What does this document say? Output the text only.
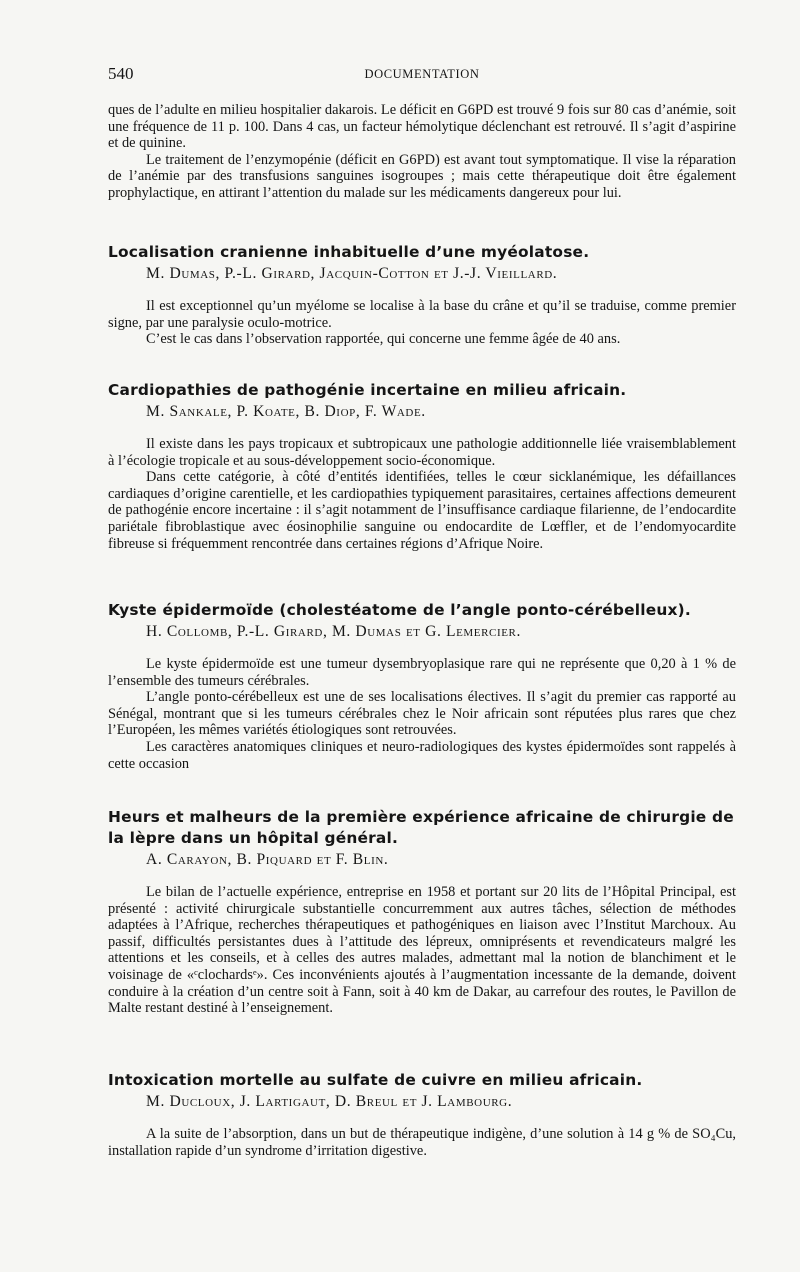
540	DOCUMENTATION

ques de l’adulte en milieu hospitalier dakarois. Le déficit en G6PD est trouvé 9 fois sur 80 cas d’anémie, soit une fréquence de 11 p. 100. Dans 4 cas, un facteur hémolytique déclenchant est retrouvé. Il s’agit d’aspirine et de quinine.

Le traitement de l’enzymopénie (déficit en G6PD) est avant tout symptomatique. Il vise la réparation de l’anémie par des transfusions sanguines isogroupes ; mais cette thérapeutique doit être également prophylactique, en attirant l’attention du malade sur les médicaments dangereux pour lui.

Localisation cranienne inhabituelle d’une myéolatose.

M. Dumas, P.-L. Girard, Jacquin-Cotton et J.-J. Vieillard.

Il est exceptionnel qu’un myélome se localise à la base du crâne et qu’il se traduise, comme premier signe, par une paralysie oculo-motrice.

C’est le cas dans l’observation rapportée, qui concerne une femme âgée de 40 ans.

Cardiopathies de pathogénie incertaine en milieu africain.

M. Sankale, P. Koate, B. Diop, F. Wade.

Il existe dans les pays tropicaux et subtropicaux une pathologie additionnelle liée vraisemblablement à l’écologie tropicale et au sous-développement socio-économique.

Dans cette catégorie, à côté d’entités identifiées, telles le cœur sicklanémique, les défaillances cardiaques d’origine carentielle, et les cardiopathies typiquement parasitaires, certaines affections demeurent de pathogénie encore incertaine : il s’agit notamment de l’insuffisance cardiaque filarienne, de l’endocardite pariétale fibroblastique avec éosinophilie sanguine ou endocardite de Lœffler, et de l’endomyocardite fibreuse si fréquemment rencontrée dans certaines régions d’Afrique Noire.

Kyste épidermoïde (cholestéatome de l’angle ponto-cérébelleux).

H. Collomb, P.-L. Girard, M. Dumas et G. Lemercier.

Le kyste épidermoïde est une tumeur dysembryoplasique rare qui ne représente que 0,20 à 1 % de l’ensemble des tumeurs cérébrales.

L’angle ponto-cérébelleux est une de ses localisations électives. Il s’agit du premier cas rapporté au Sénégal, montrant que si les tumeurs cérébrales chez le Noir africain sont réputées plus rares que chez l’Européen, les mêmes variétés étiologiques sont retrouvées.

Les caractères anatomiques cliniques et neuro-radiologiques des kystes épidermoïdes sont rappelés à cette occasion

Heurs et malheurs de la première expérience africaine de chirurgie de la lèpre dans un hôpital général.

A. Carayon, B. Piquard et F. Blin.

Le bilan de l’actuelle expérience, entreprise en 1958 et portant sur 20 lits de l’Hôpital Principal, est présenté : activité chirurgicale substantielle concurremment aux autres tâches, sélection de méthodes adaptées à l’Afrique, recherches thérapeutiques et pathogéniques en liaison avec l’Institut Marchoux. Au passif, difficultés persistantes dues à l’attitude des lépreux, omniprésents et revendicateurs malgré les attentions et les conseils, et à celles des autres malades, admettant mal la notion de blanchiment et le voisinage de «ᶜclochardsᵉ». Ces inconvénients ajoutés à l’augmentation incessante de la demande, doivent conduire à la création d’un centre soit à Fann, soit à 40 km de Dakar, au carrefour des routes, le Pavillon de Malte restant destiné à l’enseignement.

Intoxication mortelle au sulfate de cuivre en milieu africain.

M. Ducloux, J. Lartigaut, D. Breul et J. Lambourg.

A la suite de l’absorption, dans un but de thérapeutique indigène, d’une solution à 14 g % de SO₄Cu, installation rapide d’un syndrome d’irritation digestive.
